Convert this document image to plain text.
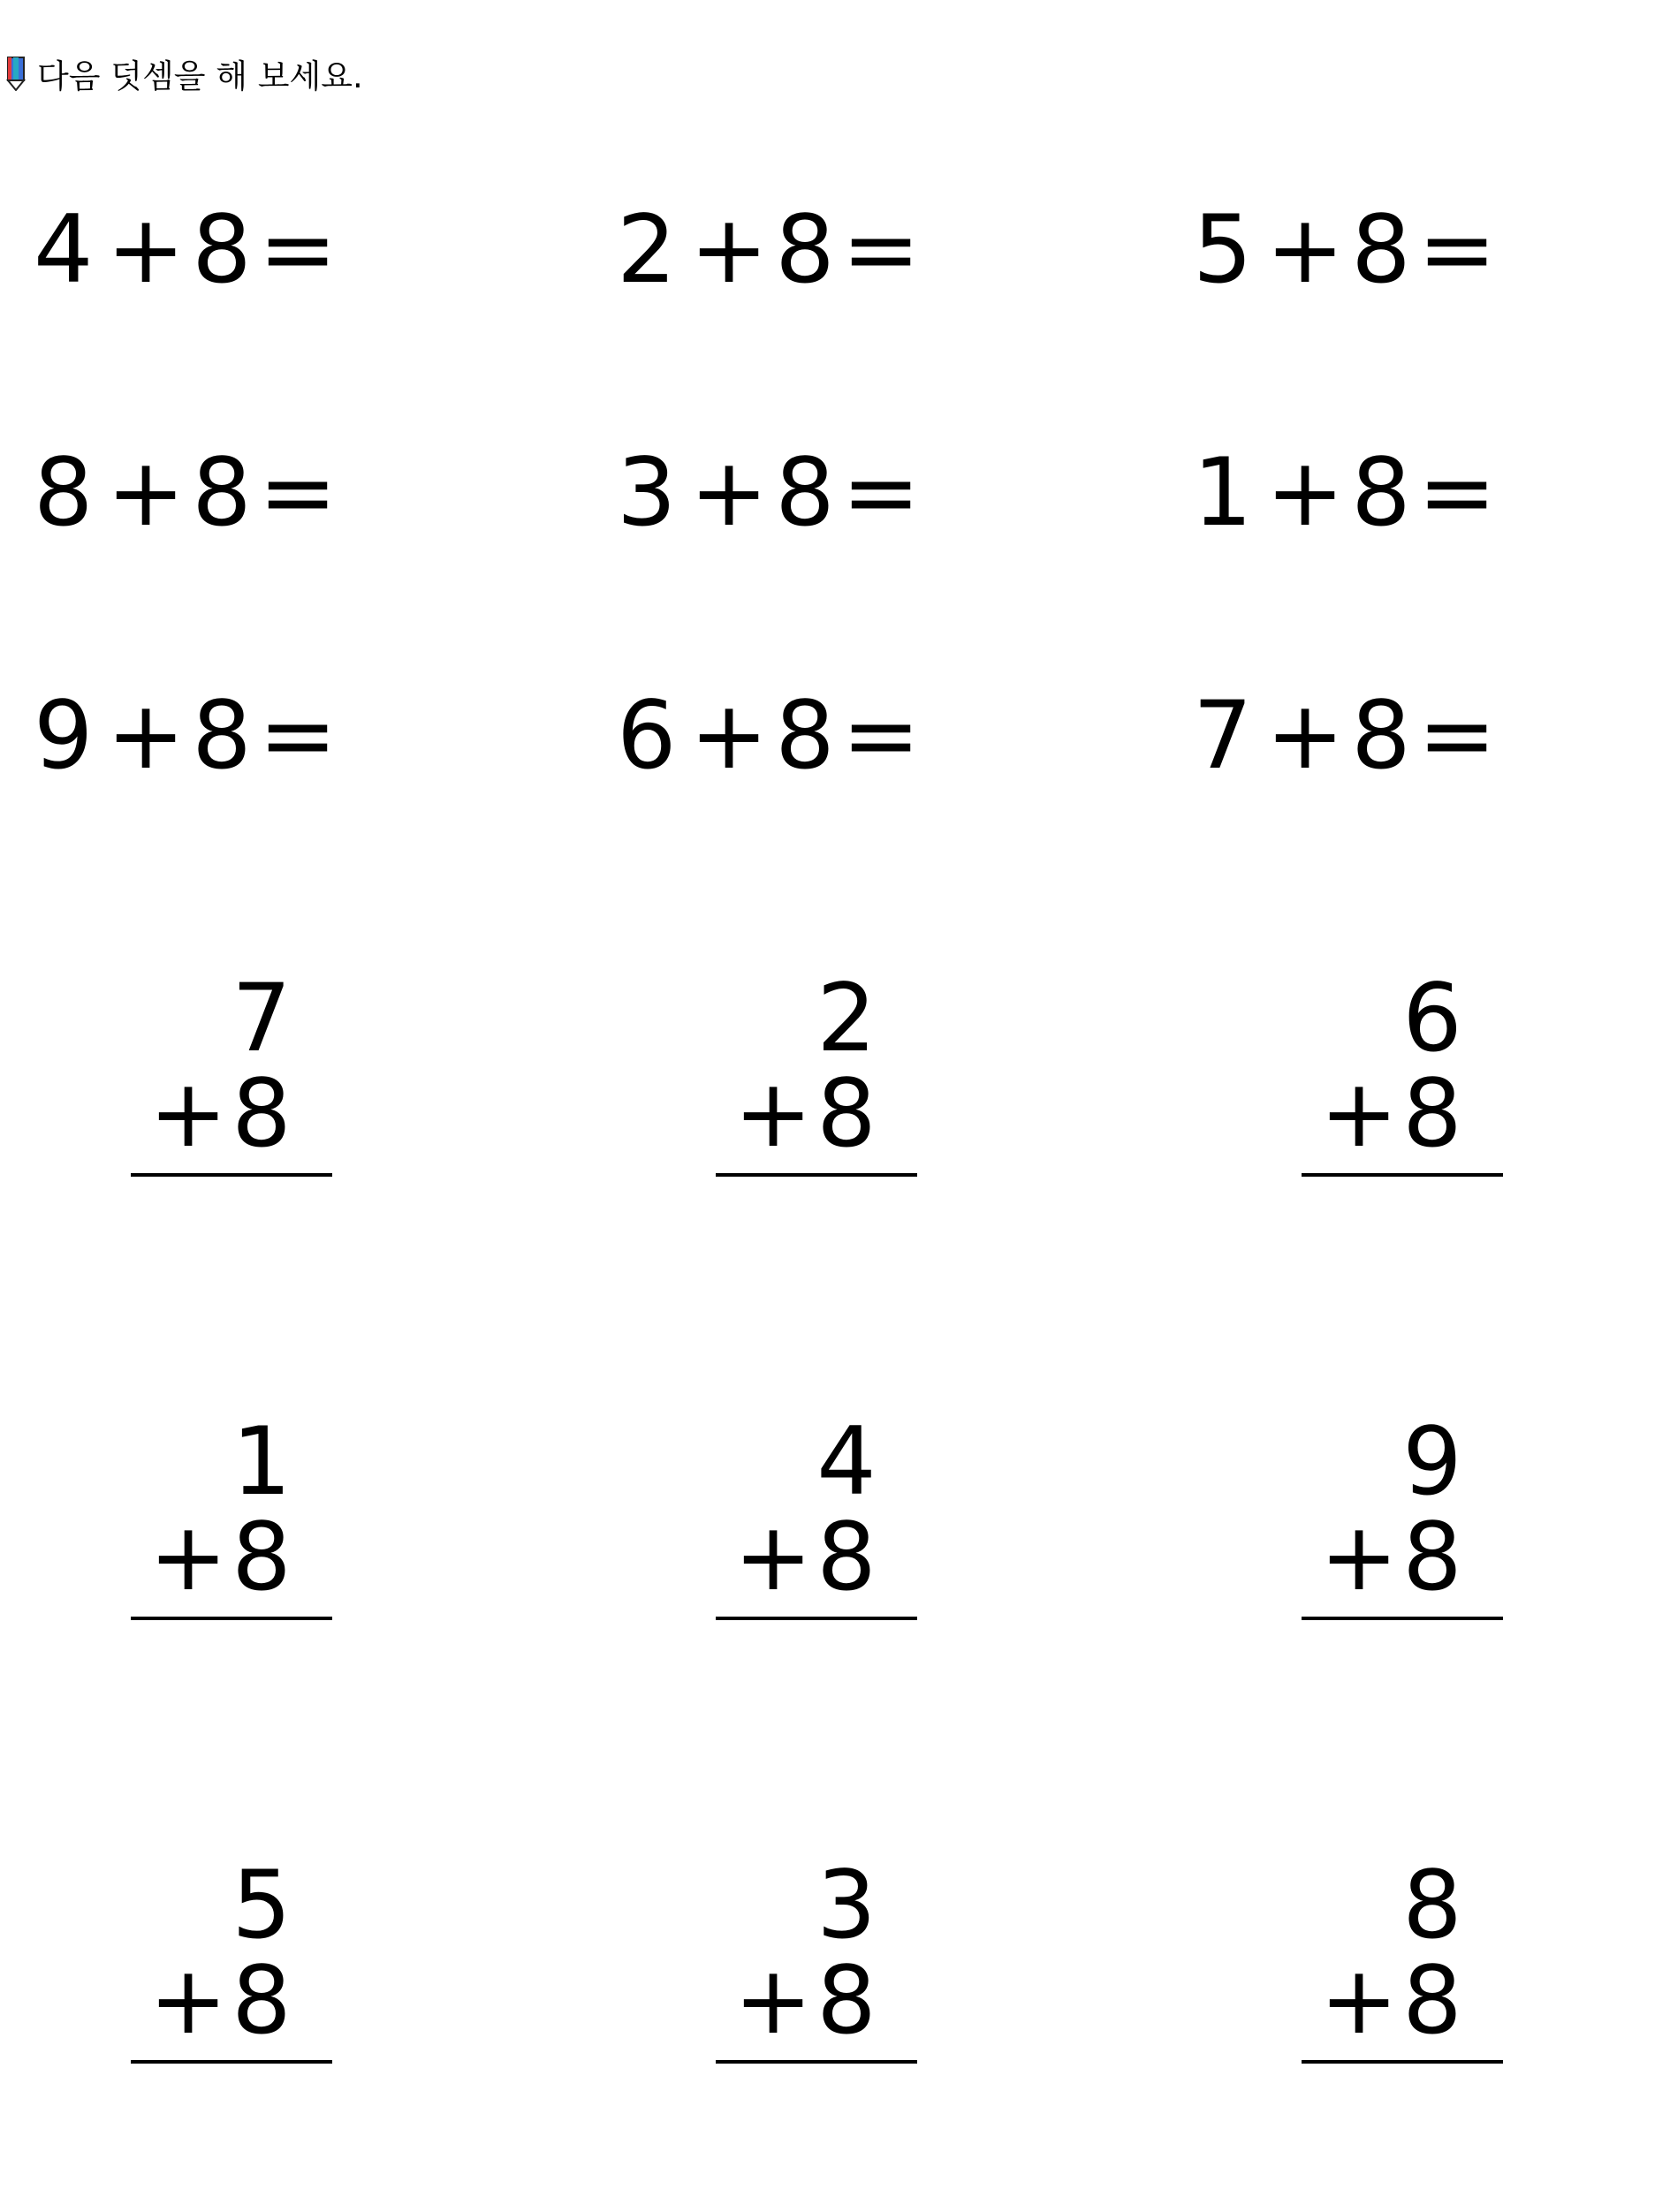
다음 덧셈을 해 보세요.
4 + 8 =	2 + 8 =	5 + 8 =
8 + 8 =	3 + 8 =	1 + 8 =
9 + 8 =	6 + 8 =	7 + 8 =
7
+ 8
2
+ 8
6
+ 8
1
+ 8
4
+ 8
9
+ 8
5
+ 8
3
+ 8
8
+ 8
